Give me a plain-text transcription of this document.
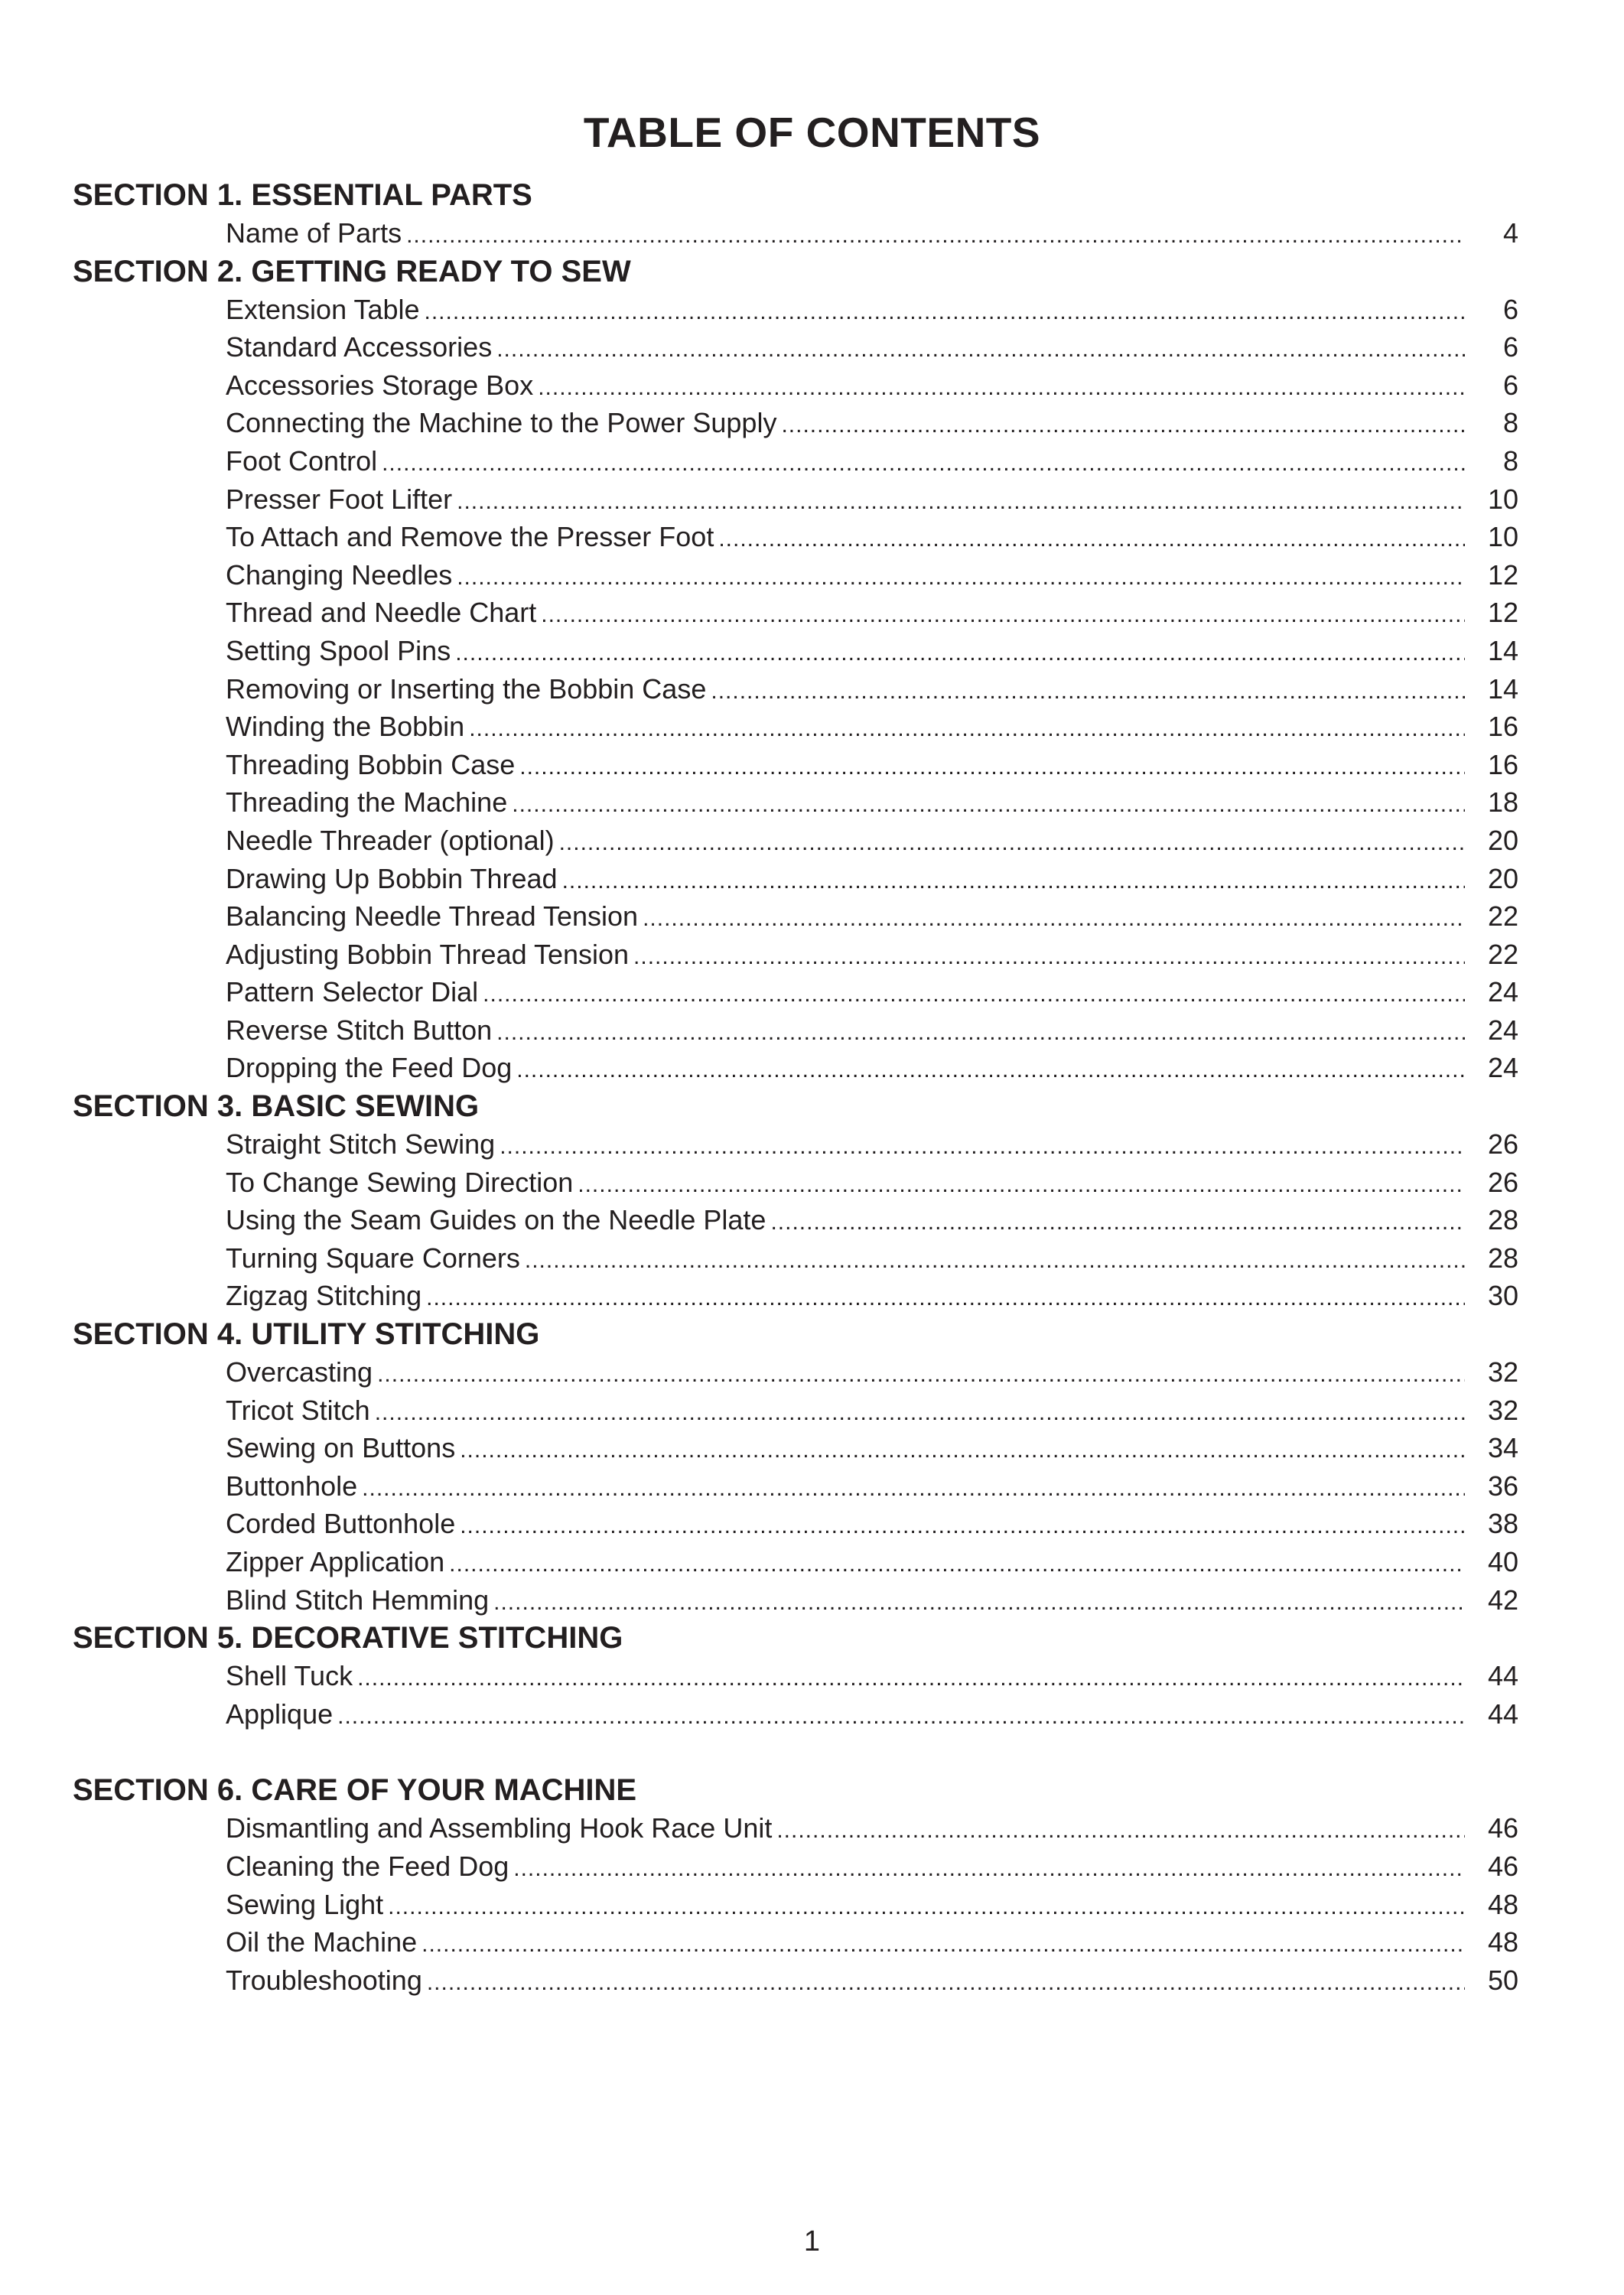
TABLE OF CONTENTS
SECTION 1. ESSENTIAL PARTS
Name of Parts .....	4
SECTION 2. GETTING READY TO SEW
Extension Table .....	6
Standard Accessories .....	6
Accessories Storage Box .....	6
Connecting the Machine to the Power Supply .....	8
Foot Control .....	8
Presser Foot Lifter .....	10
To Attach and Remove the Presser Foot .....	10
Changing Needles .....	12
Thread and Needle Chart .....	12
Setting Spool Pins .....	14
Removing or Inserting the Bobbin Case .....	14
Winding the Bobbin .....	16
Threading Bobbin Case .....	16
Threading the Machine .....	18
Needle Threader (optional) .....	20
Drawing Up Bobbin Thread .....	20
Balancing Needle Thread Tension .....	22
Adjusting Bobbin Thread Tension .....	22
Pattern Selector Dial .....	24
Reverse Stitch Button .....	24
Dropping the Feed Dog .....	24
SECTION 3. BASIC SEWING
Straight Stitch Sewing .....	26
To Change Sewing Direction .....	26
Using the Seam Guides on the Needle Plate .....	28
Turning Square Corners .....	28
Zigzag Stitching .....	30
SECTION 4. UTILITY STITCHING
Overcasting .....	32
Tricot Stitch .....	32
Sewing on Buttons .....	34
Buttonhole .....	36
Corded Buttonhole .....	38
Zipper Application .....	40
Blind Stitch Hemming .....	42
SECTION 5. DECORATIVE STITCHING
Shell Tuck .....	44
Applique .....	44
SECTION 6. CARE OF YOUR MACHINE
Dismantling and Assembling Hook Race Unit .....	46
Cleaning the Feed Dog .....	46
Sewing Light .....	48
Oil the Machine .....	48
Troubleshooting .....	50
1
